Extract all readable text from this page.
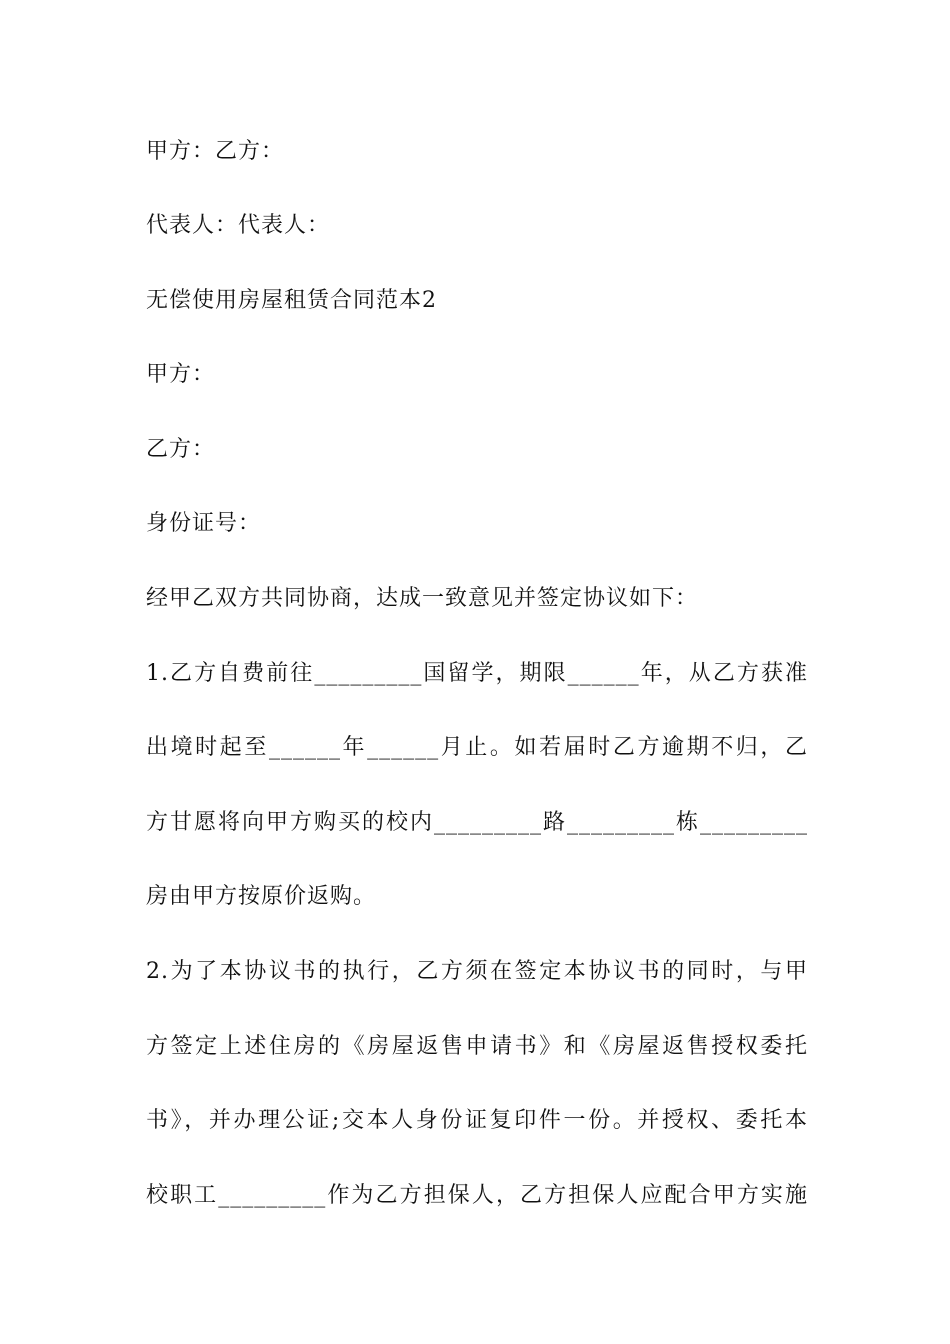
甲方：乙方：
代表人：代表人：
无偿使用房屋租赁合同范本2
甲方：
乙方：
身份证号：
经甲乙双方共同协商，达成一致意见并签定协议如下：
1.乙方自费前往_________国留学，期限______年，从乙方获准
出境时起至______年______月止。如若届时乙方逾期不归，乙
方甘愿将向甲方购买的校内_________路_________栋_________
房由甲方按原价返购。
2.为了本协议书的执行，乙方须在签定本协议书的同时，与甲
方签定上述住房的《房屋返售申请书》和《房屋返售授权委托
书》，并办理公证;交本人身份证复印件一份。并授权、委托本
校职工_________作为乙方担保人，乙方担保人应配合甲方实施
